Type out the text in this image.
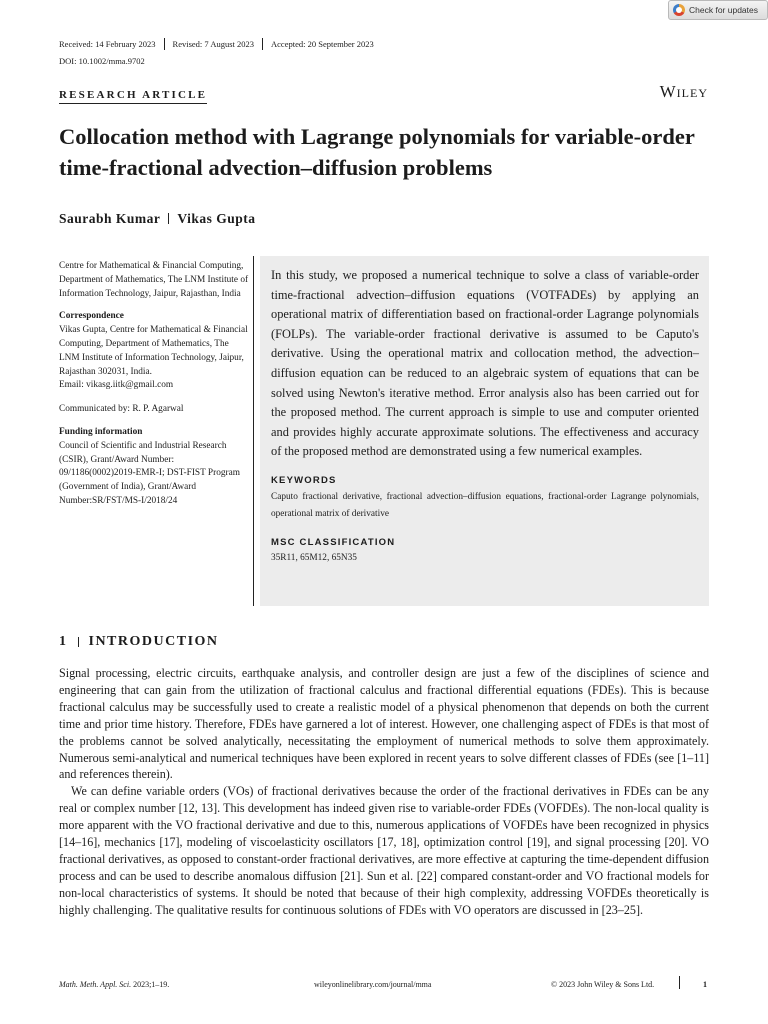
Check for updates
Received: 14 February 2023	Revised: 7 August 2023	Accepted: 20 September 2023
DOI: 10.1002/mma.9702
RESEARCH ARTICLE	Wiley
Collocation method with Lagrange polynomials for variable-order time-fractional advection–diffusion problems
Saurabh Kumar Vikas Gupta

Centre for Mathematical & Financial Computing, Department of Mathematics, The LNM Institute of Information Technology, Jaipur, Rajasthan, India

Correspondence

Vikas Gupta, Centre for Mathematical & Financial Computing, Department of Mathematics, The LNM Institute of Information Technology, Jaipur, Rajasthan 302031, India.

Email: vikasg.iitk@gmail.com

Communicated by: R. P. Agarwal

Funding information

Council of Scientific and Industrial Research (CSIR), Grant/Award Number: 09/1186(0002)2019-EMR-I; DST-FIST Program (Government of India), Grant/Award Number:SR/FST/MS-I/2018/24

In this study, we proposed a numerical technique to solve a class of variable-order time-fractional advection–diffusion equations (VOTFADEs) by applying an operational matrix of differentiation based on fractional-order Lagrange polynomials (FOLPs). The variable-order fractional derivative is assumed to be Caputo's derivative. Using the operational matrix and collocation method, the advection–diffusion equation can be reduced to an algebraic system of equations that can be solved using Newton's iterative method. Error analysis also has been carried out for the proposed method. The current approach is simple to use and computer oriented and provides highly accurate approximate solutions. The effectiveness and accuracy of the proposed method are demonstrated using a few numerical examples.

KEYWORDS
Caputo fractional derivative, fractional advection–diffusion equations, fractional-order Lagrange polynomials, operational matrix of derivative
MSC CLASSIFICATION
35R11, 65M12, 65N35
1 INTRODUCTION

Signal processing, electric circuits, earthquake analysis, and controller design are just a few of the disciplines of science and engineering that can gain from the utilization of fractional calculus and fractional differential equations (FDEs). This is because fractional calculus may be successfully used to create a realistic model of a physical phenomenon that depends on both the current time and prior time history. Therefore, FDEs have garnered a lot of interest. However, one challenging aspect of FDEs is that most of the problems cannot be solved analytically, necessitating the employment of numerical methods to solve them approximately. Numerous semi-analytical and numerical techniques have been explored in recent years to solve different classes of FDEs (see [1–11] and references therein).

We can define variable orders (VOs) of fractional derivatives because the order of the fractional derivatives in FDEs can be any real or complex number [12, 13]. This development has indeed given rise to variable-order FDEs (VOFDEs). The non-local quality is more apparent with the VO fractional derivative and due to this, numerous applications of VOFDEs have been recognized in physics [14–16], mechanics [17], modeling of viscoelasticity oscillators [17, 18], optimization control [19], and signal processing [20]. VO fractional derivatives, as opposed to constant-order fractional derivatives, are more effective at capturing the time-dependent diffusion process and can be used to describe anomalous diffusion [21]. Sun et al. [22] compared constant-order and VO fractional models for non-local characteristics of systems. It should be noted that because of their high complexity, addressing VOFDEs theoretically is highly challenging. The qualitative results for continuous solutions of FDEs with VO operators are discussed in [23–25].

Math. Meth. Appl. Sci. 2023;1–19.	wileyonlinelibrary.com/journal/mma	© 2023 John Wiley & Sons Ltd.	1
